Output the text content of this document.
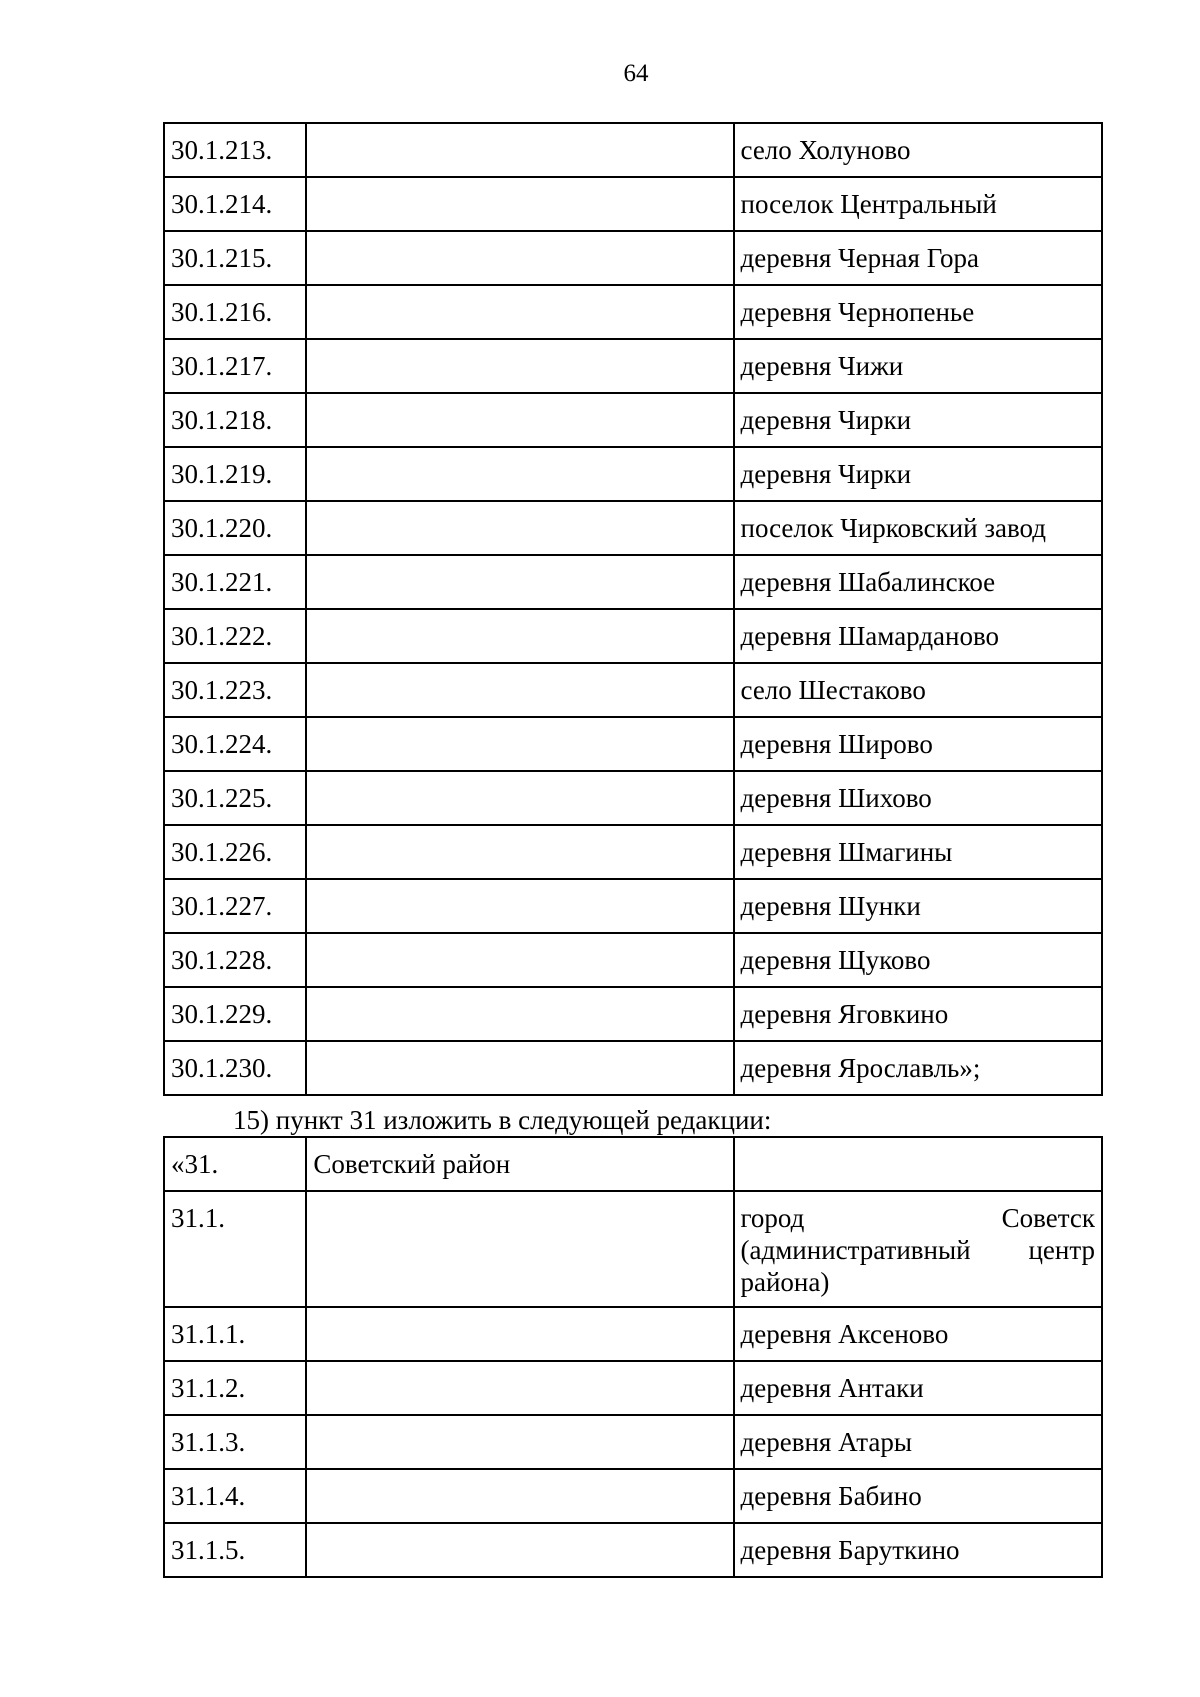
64
30.1.213.		село Холуново
30.1.214.		поселок Центральный
30.1.215.		деревня Черная Гора
30.1.216.		деревня Чернопенье
30.1.217.		деревня Чижи
30.1.218.		деревня Чирки
30.1.219.		деревня Чирки
30.1.220.		поселок Чирковский завод
30.1.221.		деревня Шабалинское
30.1.222.		деревня Шамарданово
30.1.223.		село Шестаково
30.1.224.		деревня Широво
30.1.225.		деревня Шихово
30.1.226.		деревня Шмагины
30.1.227.		деревня Шунки
30.1.228.		деревня Щуково
30.1.229.		деревня Яговкино
30.1.230.		деревня Ярославль»;
15) пункт 31 изложить в следующей редакции:
«31.	Советский район	
31.1.		город Советск
(административный центр
района)

31.1.1.		деревня Аксеново
31.1.2.		деревня Антаки
31.1.3.		деревня Атары
31.1.4.		деревня Бабино
31.1.5.		деревня Баруткино
